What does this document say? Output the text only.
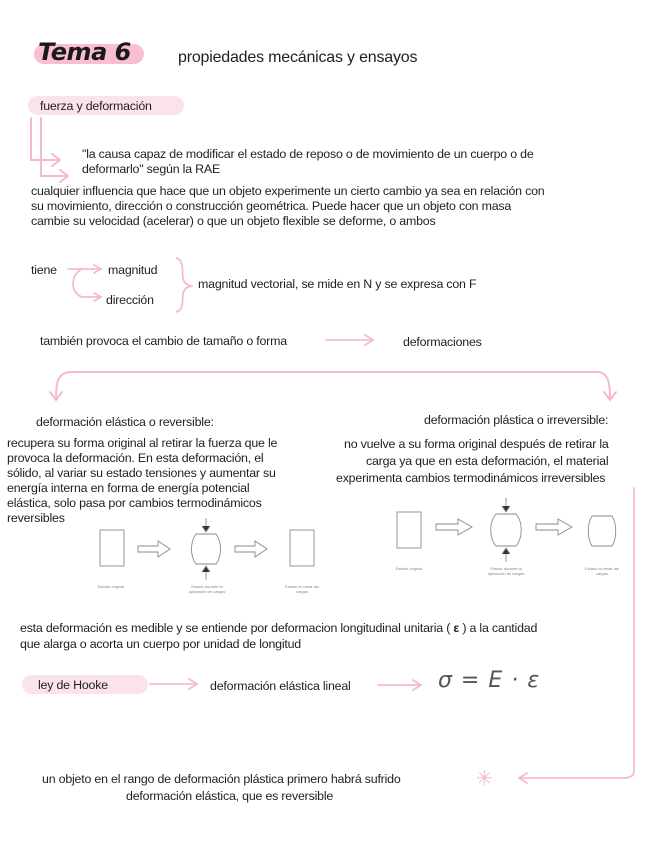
Tema 6	propiedades mecánicas y ensayos
fuerza y deformación
"la causa capaz de modificar el estado de reposo o de movimiento de un cuerpo o de
deformarlo" según la RAE
cualquier influencia que hace que un objeto experimente un cierto cambio ya sea en relación con
su movimiento, dirección o construcción geométrica. Puede hacer que un objeto con masa
cambie su velocidad (acelerar) o que un objeto flexible se deforme, o ambos
tiene	magnitud
dirección
magnitud vectorial, se mide en N y se expresa con F
también provoca el cambio de tamaño o forma	deformaciones
deformación elástica o reversible:
recupera su forma original al retirar la fuerza que le
provoca la deformación. En esta deformación, el
sólido, al variar su estado tensiones y aumentar su
energía interna en forma de energía potencial
elástica, solo pasa por cambios termodinámicos
reversibles
Estado original	Estado durante la aplicación de cargas
Estado al cesar las cargas
deformación plástica o irreversible:
no vuelve a su forma original después de retirar la
carga ya que en esta deformación, el material
experimenta cambios termodinámicos irreversibles
Estado original	Estado durante la aplicación de cargas
Estado al cesar las cargas
esta deformación es medible y se entiende por deformacion longitudinal unitaria ( ε ) a la cantidad
que alarga o acorta un cuerpo por unidad de longitud
ley de Hooke	deformación elástica lineal	σ = E · ε
un objeto en el rango de deformación plástica primero habrá sufrido
deformación elástica, que es reversible
✳
